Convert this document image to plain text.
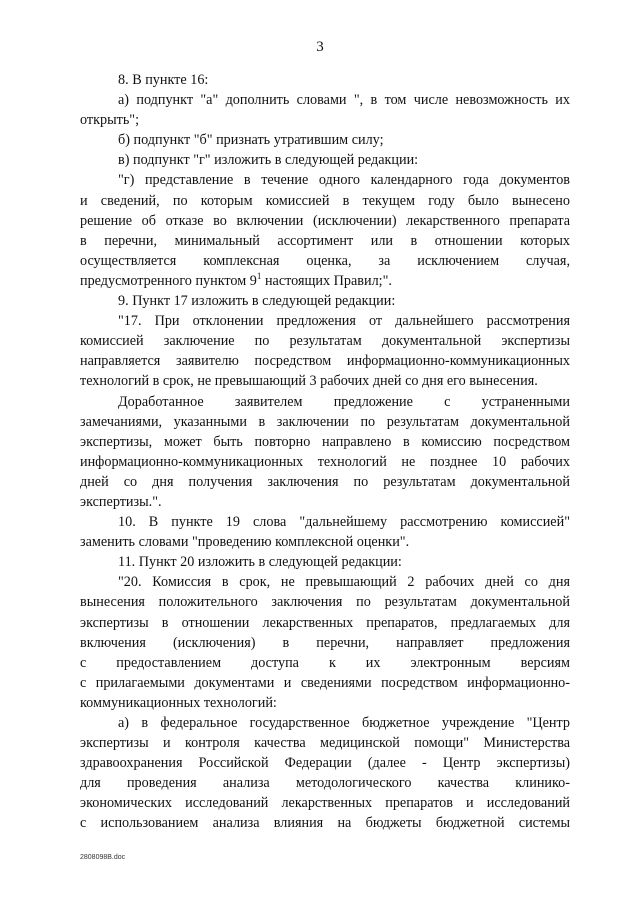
3

8. В пункте 16:

а) подпункт "а" дополнить словами ", в том числе невозможность их

открыть";

б) подпункт "б" признать утратившим силу;

в) подпункт "г" изложить в следующей редакции:

"г) представление в течение одного календарного года документов

и сведений, по которым комиссией в текущем году было вынесено

решение об отказе во включении (исключении) лекарственного препарата

в перечни, минимальный ассортимент или в отношении которых

осуществляется комплексная оценка, за исключением случая,

предусмотренного пунктом $9^1$ настоящих Правил;".

9. Пункт 17 изложить в следующей редакции:

"17. При отклонении предложения от дальнейшего рассмотрения

комиссией заключение по результатам документальной экспертизы

направляется заявителю посредством информационно-коммуникационных

технологий в срок, не превышающий 3 рабочих дней со дня его вынесения.

Доработанное заявителем предложение с устраненными

замечаниями, указанными в заключении по результатам документальной

экспертизы, может быть повторно направлено в комиссию посредством

информационно-коммуникационных технологий не позднее 10 рабочих

дней со дня получения заключения по результатам документальной

экспертизы.".

10. В пункте 19 слова "дальнейшему рассмотрению комиссией"

заменить словами "проведению комплексной оценки".

11. Пункт 20 изложить в следующей редакции:

"20. Комиссия в срок, не превышающий 2 рабочих дней со дня

вынесения положительного заключения по результатам документальной

экспертизы в отношении лекарственных препаратов, предлагаемых для

включения (исключения) в перечни, направляет предложения

с предоставлением доступа к их электронным версиям

с прилагаемыми документами и сведениями посредством информационно-

коммуникационных технологий:

а) в федеральное государственное бюджетное учреждение "Центр

экспертизы и контроля качества медицинской помощи" Министерства

здравоохранения Российской Федерации (далее - Центр экспертизы)

для проведения анализа методологического качества клинико-

экономических исследований лекарственных препаратов и исследований

с использованием анализа влияния на бюджеты бюджетной системы

2808098В.doc
